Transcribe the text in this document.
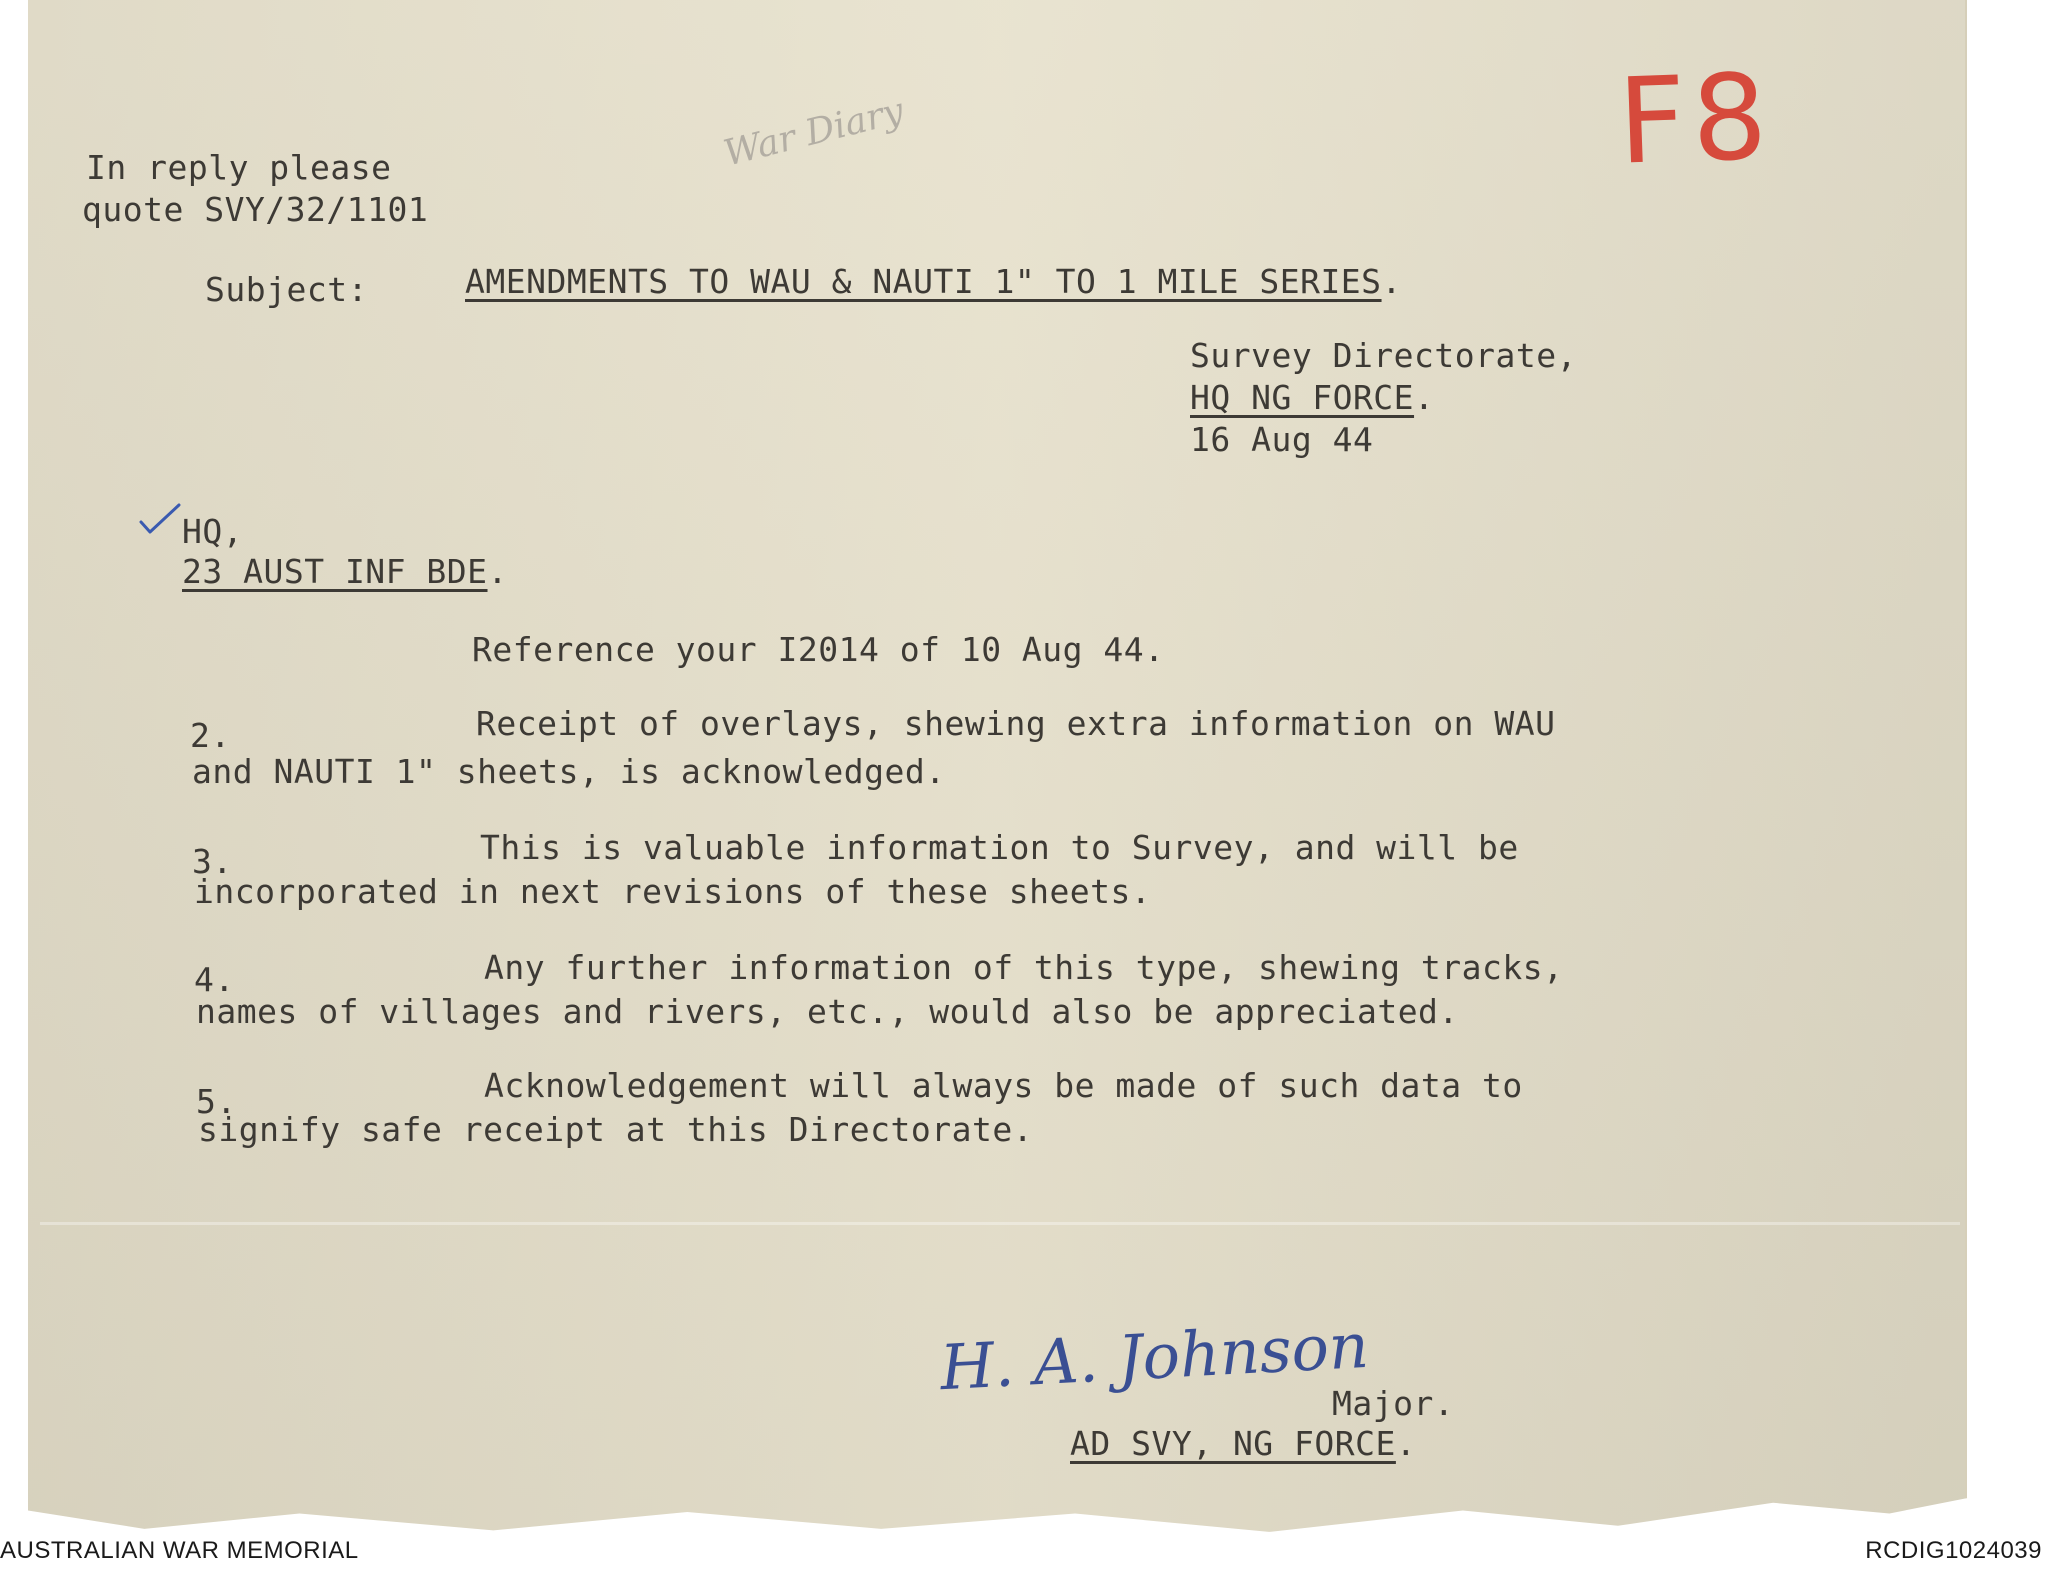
In reply please
quote SVY/32/1101
War Diary	F8
Subject:	AMENDMENTS TO WAU & NAUTI 1" TO 1 MILE SERIES.
Survey Directorate,
HQ NG FORCE.
16 Aug 44
HQ,
23 AUST INF BDE.
Reference your I2014 of 10 Aug 44.
2.	Receipt of overlays, shewing extra information on WAU
and NAUTI 1" sheets, is acknowledged.
3.	This is valuable information to Survey, and will be
incorporated in next revisions of these sheets.
4.	Any further information of this type, shewing tracks,
names of villages and rivers, etc., would also be appreciated.
5.	Acknowledgement will always be made of such data to
signify safe receipt at this Directorate.
H. A. Johnson
Major.
AD SVY, NG FORCE.
AUSTRALIAN WAR MEMORIAL	RCDIG1024039
